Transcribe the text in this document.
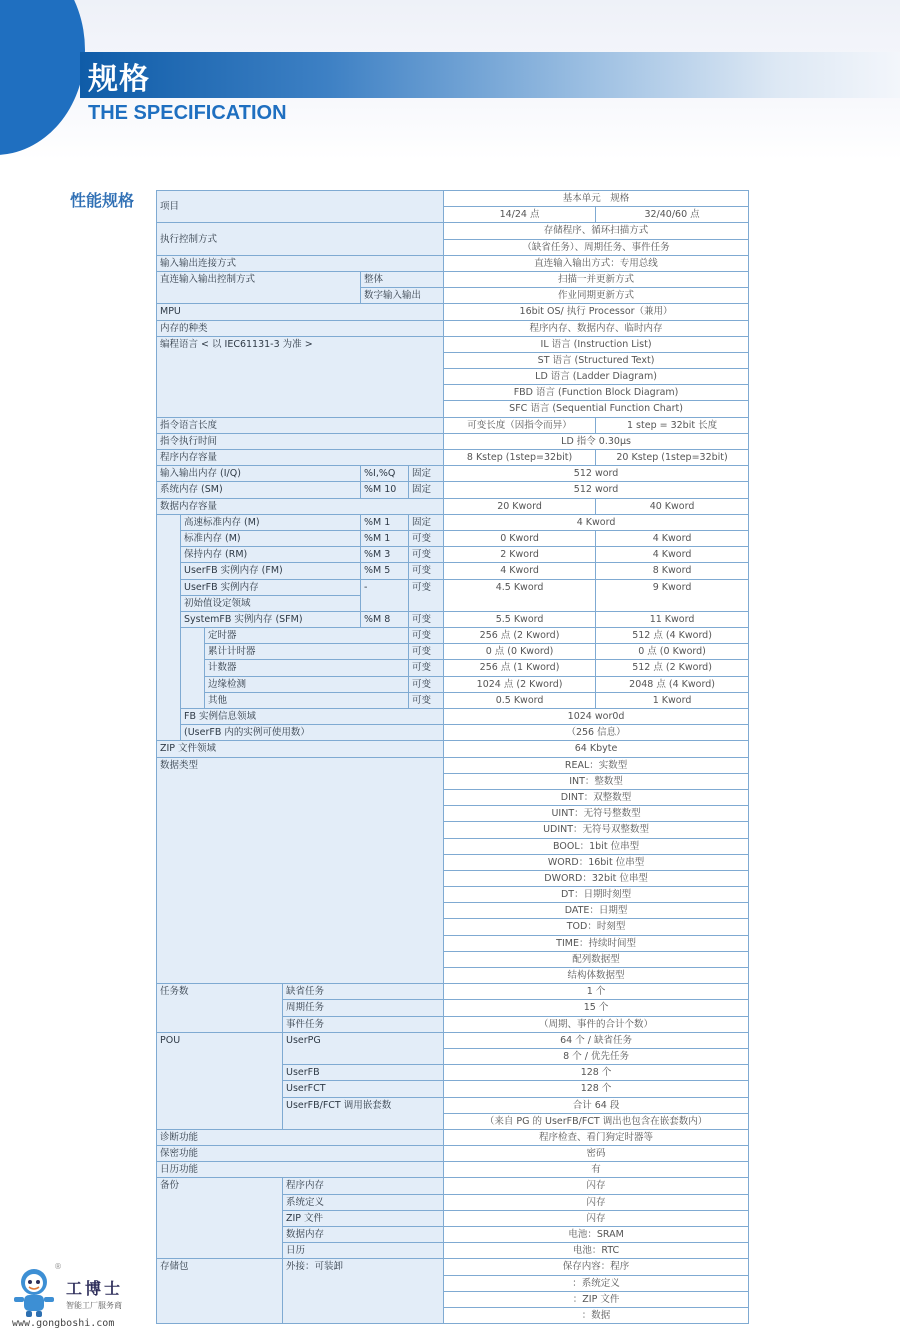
规格
THE SPECIFICATION
性能规格	项目						基本单元　规格	
						14/24 点	32/40/60 点
执行控制方式						存储程序、循环扫描方式	
						（缺省任务）、周期任务、事件任务	
输入输出连接方式						直连输入输出方式：专用总线	
直连输入输出控制方式				整体		扫描一并更新方式	
				数字输入输出		作业同期更新方式	
MPU						16bit OS/ 执行 Processor（兼用）	
内存的种类						程序内存、数据内存、临时内存	
编程语言 < 以 IEC61131-3 为准 >						IL 语言 (Instruction List)	
						ST 语言 (Structured Text)	
						LD 语言 (Ladder Diagram)	
						FBD 语言 (Function Block Diagram)	
						SFC 语言 (Sequential Function Chart)	
指令语言长度						可变长度（因指令而异）	1 step = 32bit 长度
指令执行时间						LD 指令 0.30μs	
程序内存容量						8 Kstep (1step=32bit)	20 Kstep (1step=32bit)
输入输出内存 (I/Q)				%I,%Q	固定	512 word	
系统内存 (SM)				%M 10	固定	512 word	
数据内存容量						20 Kword	40 Kword
	高速标准内存 (M)			%M 1	固定	4 Kword	
	标准内存 (M)			%M 1	可变	0 Kword	4 Kword
	保持内存 (RM)			%M 3	可变	2 Kword	4 Kword
	UserFB 实例内存 (FM)			%M 5	可变	4 Kword	8 Kword
	UserFB 实例内存			-	可变	4.5 Kword	9 Kword
	初始值设定领域						
	SystemFB 实例内存 (SFM)			%M 8	可变	5.5 Kword	11 Kword
		定时器			可变	256 点 (2 Kword)	512 点 (4 Kword)
		累计计时器			可变	0 点 (0 Kword)	0 点 (0 Kword)
		计数器			可变	256 点 (1 Kword)	512 点 (2 Kword)
		边缘检测			可变	1024 点 (2 Kword)	2048 点 (4 Kword)
		其他			可变	0.5 Kword	1 Kword
	FB 实例信息领域					1024 wor0d	
	(UserFB 内的实例可使用数）					（256 信息）	
ZIP 文件领域						64 Kbyte	
数据类型						REAL：实数型	
						INT：整数型	
						DINT：双整数型	
						UINT：无符号整数型	
						UDINT：无符号双整数型	
						BOOL：1bit 位串型	
						WORD：16bit 位串型	
						DWORD：32bit 位串型	
						DT：日期时刻型	
						DATE：日期型	
						TOD：时刻型	
						TIME：持续时间型	
						配列数据型	
						结构体数据型	
任务数			缺省任务			1 个	
			周期任务			15 个	
			事件任务			（周期、事件的合计个数）	
POU			UserPG			64 个 / 缺省任务	
						8 个 / 优先任务	
			UserFB			128 个	
			UserFCT			128 个	
			UserFB/FCT 调用嵌套数			合计 64 段	
						（来自 PG 的 UserFB/FCT 调出也包含在嵌套数内）	
诊断功能						程序检查、看门狗定时器等	
保密功能						密码	
日历功能						有	
备份			程序内存			闪存	
			系统定义			闪存	
			ZIP 文件			闪存	
			数据内存			电池：SRAM	
			日历			电池：RTC	
存储包			外接：可装卸			保存内容：程序	
						：系统定义	
						：ZIP 文件	
						：数据	
®
工博士
智能工厂服务商
www.gongboshi.com
